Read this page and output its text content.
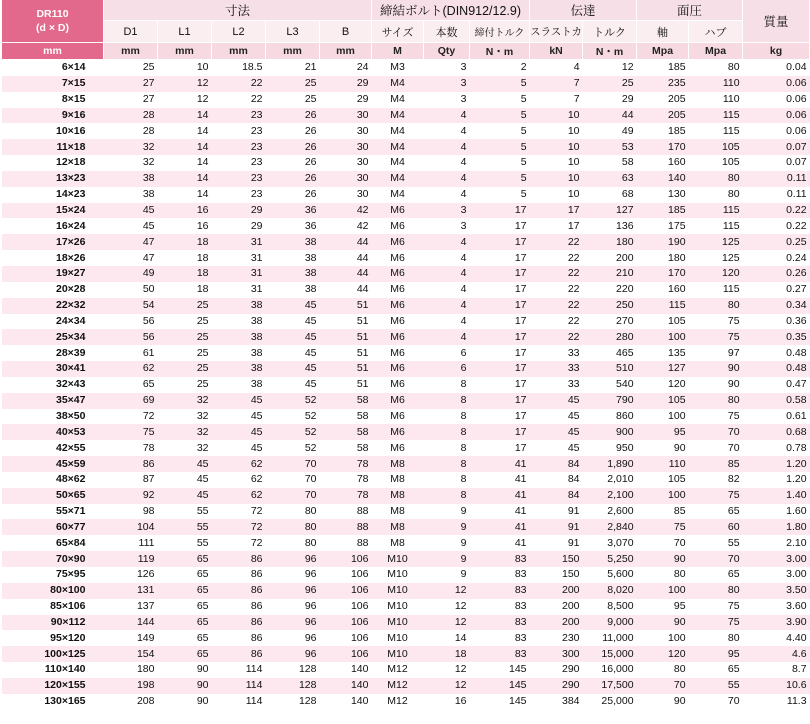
DR110
(d × D)	寸法					締結ボルト(DIN912/12.9)			伝達		面圧		質量
	D1	L1	L2	L3	B	サイズ	本数	締付トルク	スラストカ	トルク	軸	ハブ	
mm	mm	mm	mm	mm	mm	M	Qty	N・m	kN	N・m	Mpa	Mpa	kg
6×14	25	10	18.5	21	24	M3	3	2	4	12	185	80	0.04
7×15	27	12	22	25	29	M4	3	5	7	25	235	110	0.06
8×15	27	12	22	25	29	M4	3	5	7	29	205	110	0.06
9×16	28	14	23	26	30	M4	4	5	10	44	205	115	0.06
10×16	28	14	23	26	30	M4	4	5	10	49	185	115	0.06
11×18	32	14	23	26	30	M4	4	5	10	53	170	105	0.07
12×18	32	14	23	26	30	M4	4	5	10	58	160	105	0.07
13×23	38	14	23	26	30	M4	4	5	10	63	140	80	0.11
14×23	38	14	23	26	30	M4	4	5	10	68	130	80	0.11
15×24	45	16	29	36	42	M6	3	17	17	127	185	115	0.22
16×24	45	16	29	36	42	M6	3	17	17	136	175	115	0.22
17×26	47	18	31	38	44	M6	4	17	22	180	190	125	0.25
18×26	47	18	31	38	44	M6	4	17	22	200	180	125	0.24
19×27	49	18	31	38	44	M6	4	17	22	210	170	120	0.26
20×28	50	18	31	38	44	M6	4	17	22	220	160	115	0.27
22×32	54	25	38	45	51	M6	4	17	22	250	115	80	0.34
24×34	56	25	38	45	51	M6	4	17	22	270	105	75	0.36
25×34	56	25	38	45	51	M6	4	17	22	280	100	75	0.35
28×39	61	25	38	45	51	M6	6	17	33	465	135	97	0.48
30×41	62	25	38	45	51	M6	6	17	33	510	127	90	0.48
32×43	65	25	38	45	51	M6	8	17	33	540	120	90	0.47
35×47	69	32	45	52	58	M6	8	17	45	790	105	80	0.58
38×50	72	32	45	52	58	M6	8	17	45	860	100	75	0.61
40×53	75	32	45	52	58	M6	8	17	45	900	95	70	0.68
42×55	78	32	45	52	58	M6	8	17	45	950	90	70	0.78
45×59	86	45	62	70	78	M8	8	41	84	1,890	110	85	1.20
48×62	87	45	62	70	78	M8	8	41	84	2,010	105	82	1.20
50×65	92	45	62	70	78	M8	8	41	84	2,100	100	75	1.40
55×71	98	55	72	80	88	M8	9	41	91	2,600	85	65	1.60
60×77	104	55	72	80	88	M8	9	41	91	2,840	75	60	1.80
65×84	111	55	72	80	88	M8	9	41	91	3,070	70	55	2.10
70×90	119	65	86	96	106	M10	9	83	150	5,250	90	70	3.00
75×95	126	65	86	96	106	M10	9	83	150	5,600	80	65	3.00
80×100	131	65	86	96	106	M10	12	83	200	8,020	100	80	3.50
85×106	137	65	86	96	106	M10	12	83	200	8,500	95	75	3.60
90×112	144	65	86	96	106	M10	12	83	200	9,000	90	75	3.90
95×120	149	65	86	96	106	M10	14	83	230	11,000	100	80	4.40
100×125	154	65	86	96	106	M10	18	83	300	15,000	120	95	4.6
110×140	180	90	114	128	140	M12	12	145	290	16,000	80	65	8.7
120×155	198	90	114	128	140	M12	12	145	290	17,500	70	55	10.6
130×165	208	90	114	128	140	M12	16	145	384	25,000	90	70	11.3
